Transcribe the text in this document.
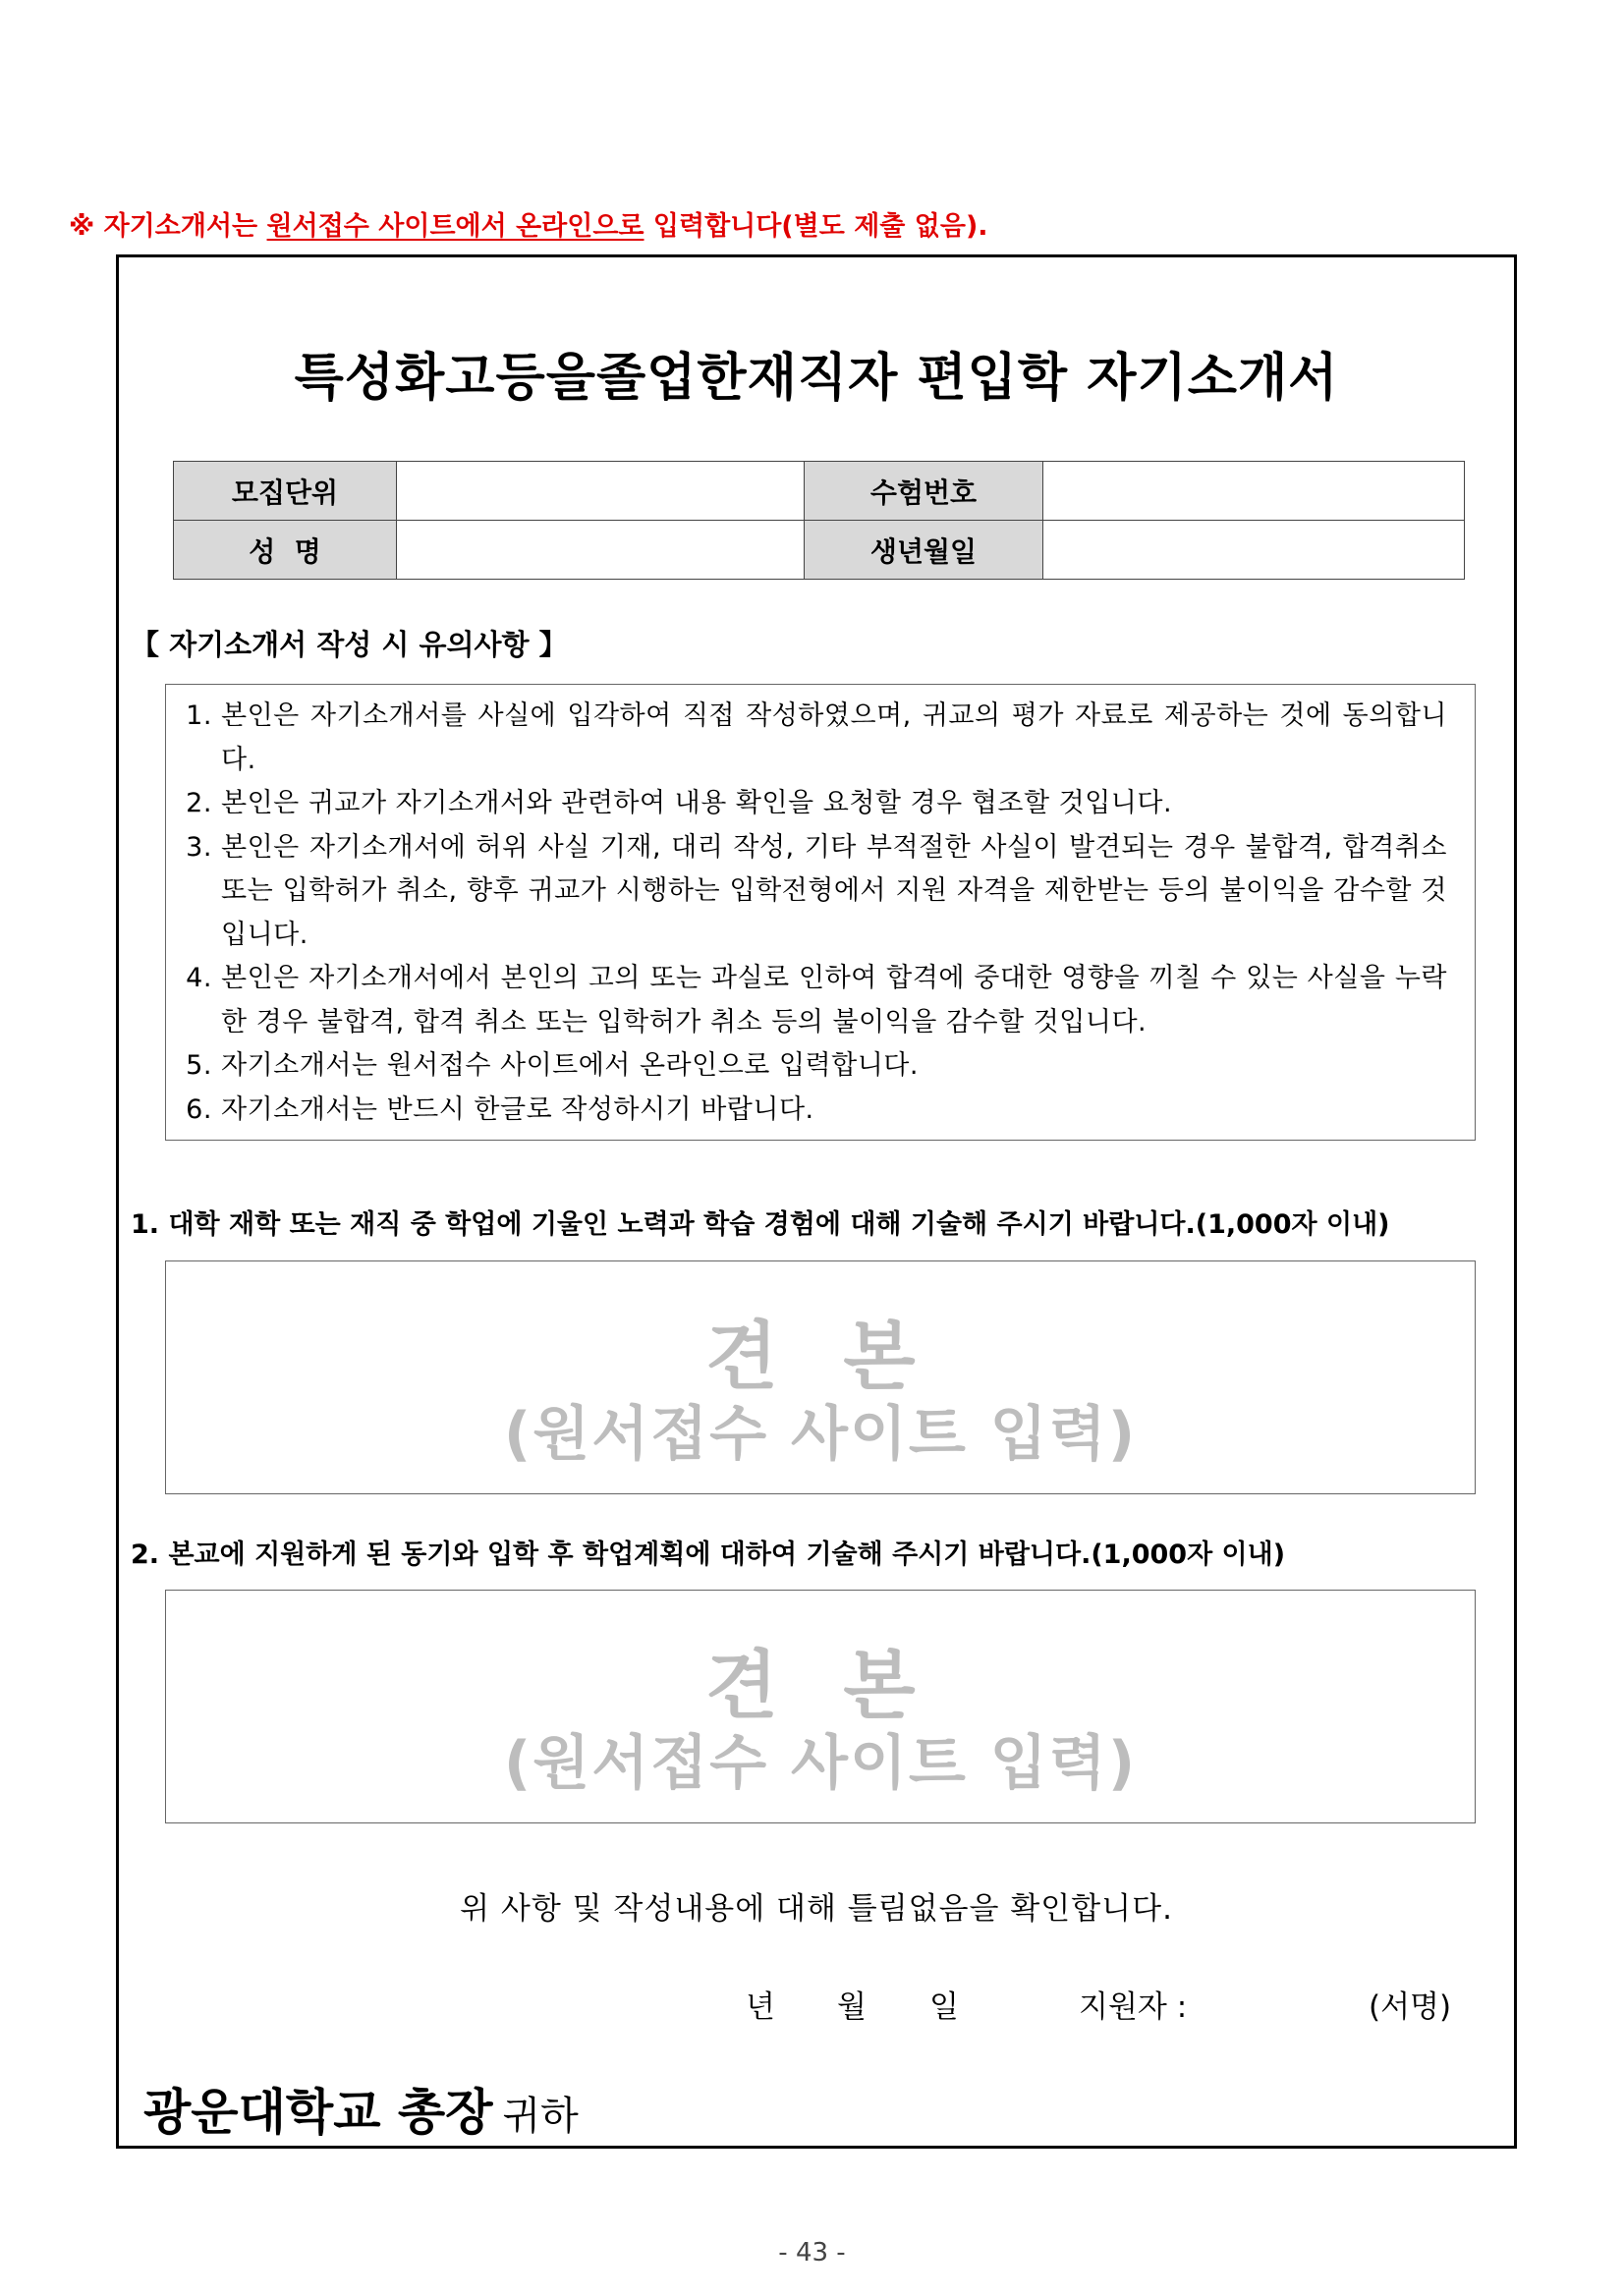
※ 자기소개서는 원서접수 사이트에서 온라인으로 입력합니다(별도 제출 없음).
특성화고등을졸업한재직자 편입학 자기소개서
모집단위		수험번호	
성  명		생년월일	
【 자기소개서 작성 시 유의사항 】
1. 본인은 자기소개서를 사실에 입각하여 직접 작성하였으며, 귀교의 평가 자료로 제공하는 것에 동의합니다.
2. 본인은 귀교가 자기소개서와 관련하여 내용 확인을 요청할 경우 협조할 것입니다.
3. 본인은 자기소개서에 허위 사실 기재, 대리 작성, 기타 부적절한 사실이 발견되는 경우 불합격, 합격취소 또는 입학허가 취소, 향후 귀교가 시행하는 입학전형에서 지원 자격을 제한받는 등의 불이익을 감수할 것입니다.
4. 본인은 자기소개서에서 본인의 고의 또는 과실로 인하여 합격에 중대한 영향을 끼칠 수 있는 사실을 누락한 경우 불합격, 합격 취소 또는 입학허가 취소 등의 불이익을 감수할 것입니다.
5. 자기소개서는 원서접수 사이트에서 온라인으로 입력합니다.
6. 자기소개서는 반드시 한글로 작성하시기 바랍니다.
1. 대학 재학 또는 재직 중 학업에 기울인 노력과 학습 경험에 대해 기술해 주시기 바랍니다.(1,000자 이내)
견 본
(원서접수 사이트 입력)
2. 본교에 지원하게 된 동기와 입학 후 학업계획에 대하여 기술해 주시기 바랍니다.(1,000자 이내)
견 본
(원서접수 사이트 입력)
위 사항 및 작성내용에 대해 틀림없음을 확인합니다.
년 월 일	지원자 :	(서명)
광운대학교 총장 귀하
- 43 -
